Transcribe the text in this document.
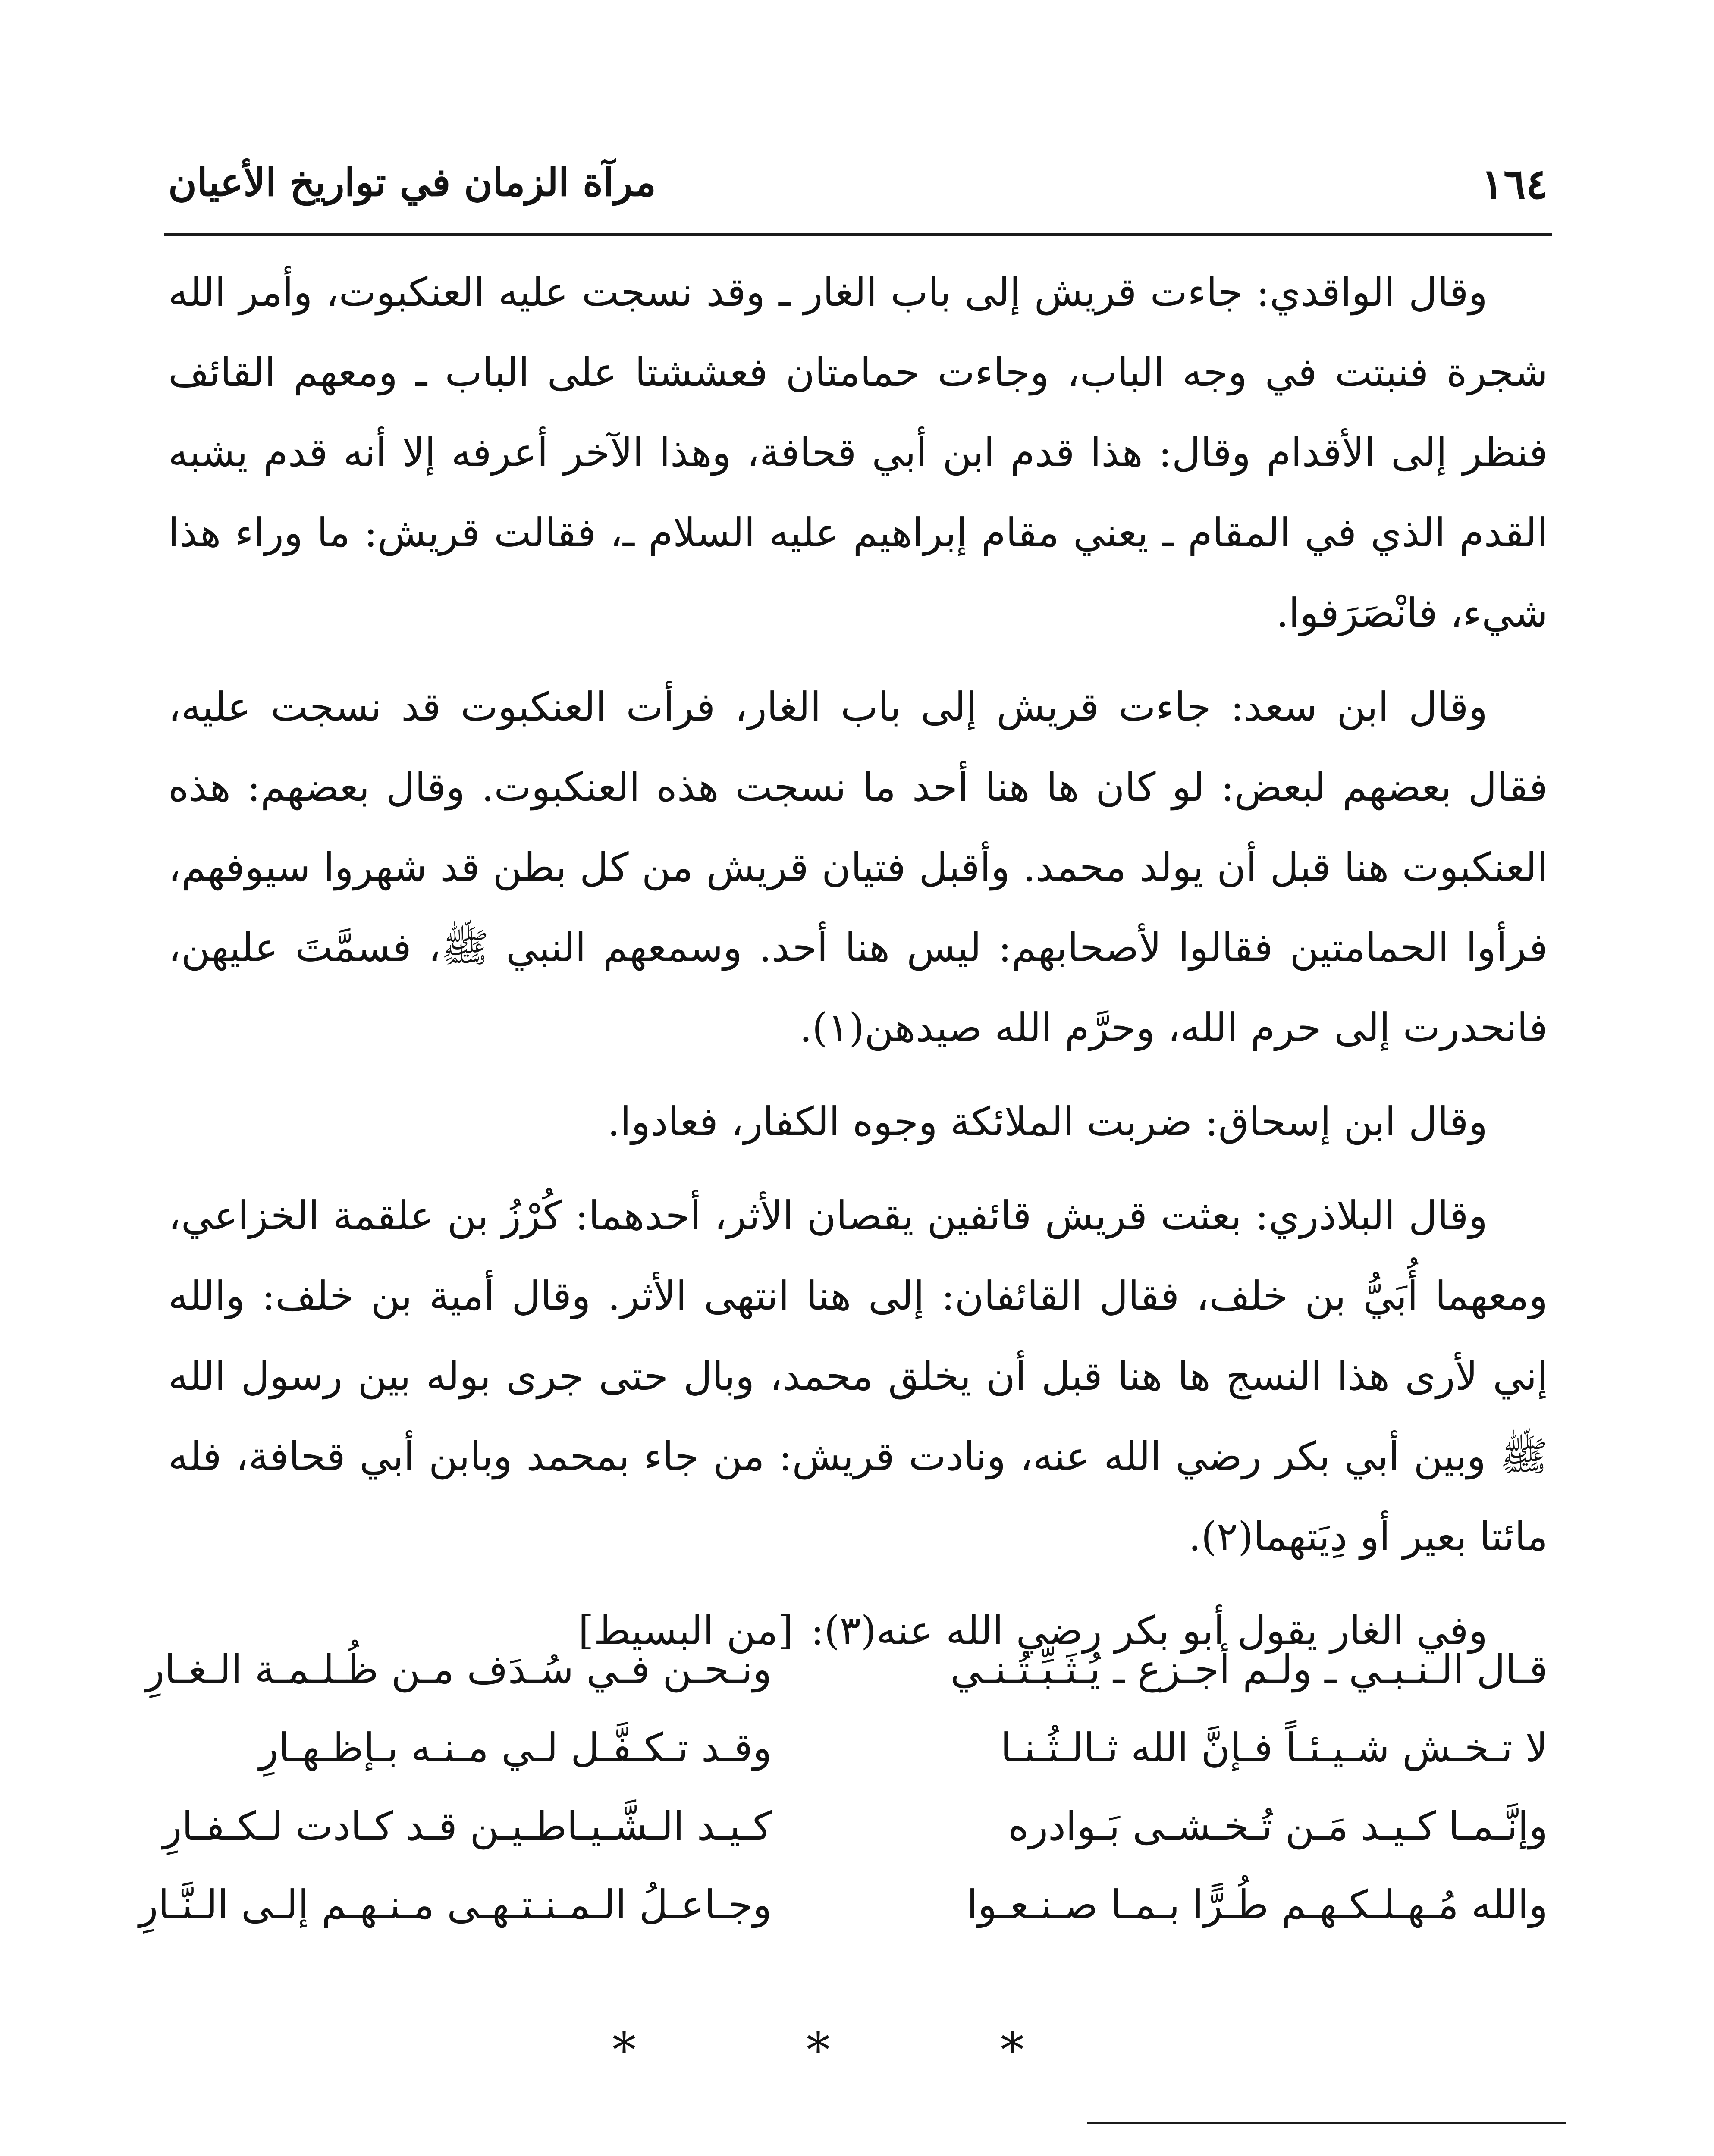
مرآة الزمان في تواريخ الأعيان	١٦٤

وقال الواقدي: جاءت قريش إلى باب الغار ـ وقد نسجت عليه العنكبوت، وأمر الله شجرة فنبتت في وجه الباب، وجاءت حمامتان فعششتا على الباب ـ ومعهم القائف فنظر إلى الأقدام وقال: هذا قدم ابن أبي قحافة، وهذا الآخر أعرفه إلا أنه قدم يشبه القدم الذي في المقام ـ يعني مقام إبراهيم عليه السلام ـ، فقالت قريش: ما وراء هذا شيء، فانْصَرَفوا.

وقال ابن سعد: جاءت قريش إلى باب الغار، فرأت العنكبوت قد نسجت عليه، فقال بعضهم لبعض: لو كان ها هنا أحد ما نسجت هذه العنكبوت. وقال بعضهم: هذه العنكبوت هنا قبل أن يولد محمد. وأقبل فتيان قريش من كل بطن قد شهروا سيوفهم، فرأوا الحمامتين فقالوا لأصحابهم: ليس هنا أحد. وسمعهم النبي ﷺ، فسمَّتَ عليهن، فانحدرت إلى حرم الله، وحرَّم الله صيدهن(١).

وقال ابن إسحاق: ضربت الملائكة وجوه الكفار، فعادوا.

وقال البلاذري: بعثت قريش قائفين يقصان الأثر، أحدهما: كُرْزُ بن علقمة الخزاعي، ومعهما أُبَيُّ بن خلف، فقال القائفان: إلى هنا انتهى الأثر. وقال أمية بن خلف: والله إني لأرى هذا النسج ها هنا قبل أن يخلق محمد، وبال حتى جرى بوله بين رسول الله ﷺ وبين أبي بكر رضي الله عنه، ونادت قريش: من جاء بمحمد وبابن أبي قحافة، فله مائتا بعير أو دِيَتهما(٢).

وفي الغار يقول أبو بكر رضي الله عنه(٣):[من البسيط]

قـال الـنـبـي ـ ولـم أجـزع ـ يُـثَـبِّـتُـنـي
ونـحـن فـي سُـدَف مـن ظُـلـمـة الـغـارِ
لا تـخـش شـيـئـاً فـإنَّ الله ثـالـثُـنـا
وقـد تـكـفَّـل لـي مـنـه بـإظـهـارِ
وإنَّـمـا كـيـد مَـن تُـخـشـى بَـوادره
كـيـد الـشَّـيـاطـيـن قـد كـادت لـكـفـارِ
والله مُـهـلـكـهـم طُـرًّا بـمـا صـنـعـوا
وجـاعـلُ الـمـنـتـهـى مـنـهـم إلـى الـنَّـارِ
* * *
